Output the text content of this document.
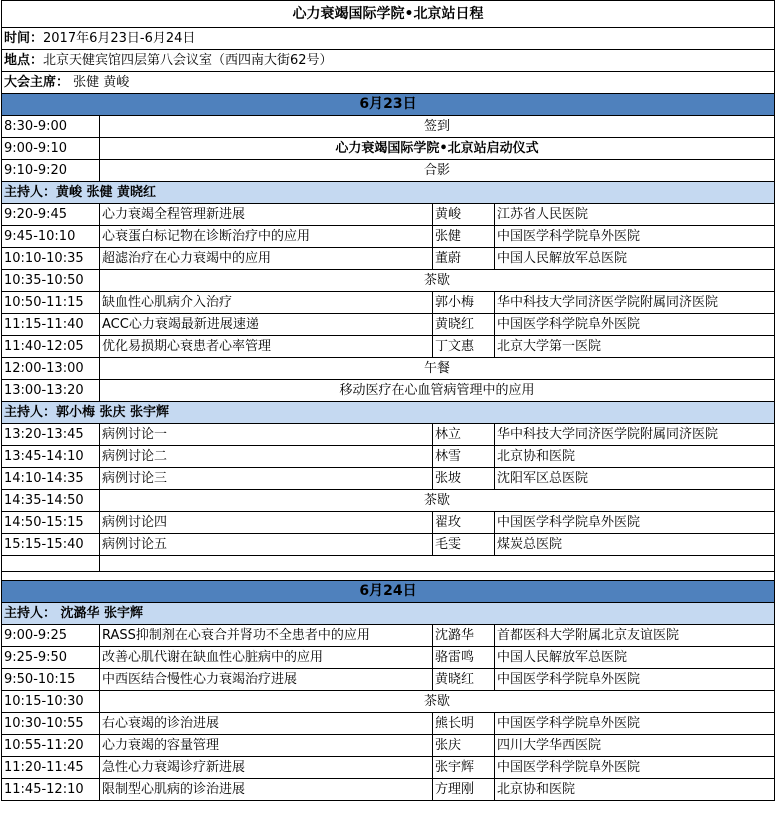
心力衰竭国际学院•北京站日程			
时间：2017年6月23日-6月24日			
地点：北京天健宾馆四层第八会议室（西四南大街62号）			
大会主席： 张健 黄峻			
6月23日			
8:30-9:00	签到		
9:00-9:10	心力衰竭国际学院•北京站启动仪式		
9:10-9:20	合影		
主持人：黄峻 张健 黄晓红			
9:20-9:45	心力衰竭全程管理新进展	黄峻	江苏省人民医院
9:45-10:10	心衰蛋白标记物在诊断治疗中的应用	张健	中国医学科学院阜外医院
10:10-10:35	超滤治疗在心力衰竭中的应用	董蔚	中国人民解放军总医院
10:35-10:50	茶歇		
10:50-11:15	缺血性心肌病介入治疗	郭小梅	华中科技大学同济医学院附属同济医院
11:15-11:40	ACC心力衰竭最新进展速递	黄晓红	中国医学科学院阜外医院
11:40-12:05	优化易损期心衰患者心率管理	丁文惠	北京大学第一医院
12:00-13:00	午餐		
13:00-13:20	移动医疗在心血管病管理中的应用		
主持人：郭小梅 张庆 张宇辉			
13:20-13:45	病例讨论一	林立	华中科技大学同济医学院附属同济医院
13:45-14:10	病例讨论二	林雪	北京协和医院
14:10-14:35	病例讨论三	张坡	沈阳军区总医院
14:35-14:50	茶歇		
14:50-15:15	病例讨论四	翟玫	中国医学科学院阜外医院
15:15-15:40	病例讨论五	毛雯	煤炭总医院

6月24日			
主持人： 沈潞华 张宇辉			
9:00-9:25	RASS抑制剂在心衰合并肾功不全患者中的应用	沈潞华	首都医科大学附属北京友谊医院
9:25-9:50	改善心肌代谢在缺血性心脏病中的应用	骆雷鸣	中国人民解放军总医院
9:50-10:15	中西医结合慢性心力衰竭治疗进展	黄晓红	中国医学科学院阜外医院
10:15-10:30	茶歇		
10:30-10:55	右心衰竭的诊治进展	熊长明	中国医学科学院阜外医院
10:55-11:20	心力衰竭的容量管理	张庆	四川大学华西医院
11:20-11:45	急性心力衰竭诊疗新进展	张宇辉	中国医学科学院阜外医院
11:45-12:10	限制型心肌病的诊治进展	方理刚	北京协和医院
